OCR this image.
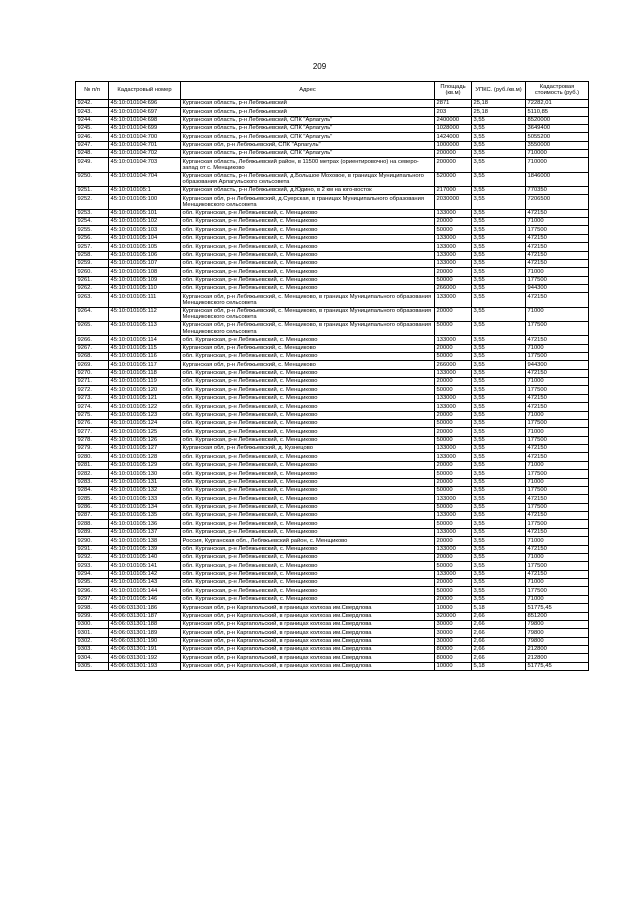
209
№ п/п	Кадастровый номер	Адрес	Площадь (кв.м)	УПКС. (руб./кв.м)	Кадастровая стоимость (руб.)
9242.	45:10:010104:696	Курганская область, р-н Лебяжьевский	2871	25,18	72282,01
9243.	45:10:010104:697	Курганская область, р-н Лебяжьевский	203	25,18	5110,85
9244.	45:10:010104:698	Курганская область, р-н Лебяжьевский, СПК "Арлагуль"	2400000	3,55	8520000
9245.	45:10:010104:699	Курганская область, р-н Лебяжьевский, СПК "Арлагуль"	1028000	3,55	3649400
9246.	45:10:010104:700	Курганская область, р-н Лебяжьевский, СПК "Арлагуль"	1424000	3,55	5055200
9247.	45:10:010104:701	Курганская обл, р-н Лебяжьевский, СПК "Арлагуль"	1000000	3,55	3550000
9248.	45:10:010104:702	Курганская область, р-н Лебяжьевский, СПК "Арлагуль"	200000	3,55	710000
9249.	45:10:010104:703	Курганская область, Лебяжьевский район, в 11500 метрах (ориентировочно) на северо-запад от с. Менщиково	200000	3,55	710000
9250.	45:10:010104:704	Курганская область, р-н Лебяжьевский, д.Большое Моховое, в границах Муниципального образования Арлагульского сельсовета	520000	3,55	1846000
9251.	45:10:010105:1	Курганская область, р-н Лебяжьевский, д.Юдино, в 2 км на юго-восток	217000	3,55	770350
9252.	45:10:010105:100	Курганская обл, р-н Лебяжьевский, д.Суерская, в границах Муниципального образования Менщиковского сельсовета	2030000	3,55	7206500
9253.	45:10:010105:101	обл. Курганская, р-н Лебяжьевский, с. Менщиково	133000	3,55	472150
9254.	45:10:010105:102	обл. Курганская, р-н Лебяжьевский, с. Менщиково	20000	3,55	71000
9255.	45:10:010105:103	обл. Курганская, р-н Лебяжьевский, с. Менщиково	50000	3,55	177500
9256.	45:10:010105:104	обл. Курганская, р-н Лебяжьевский, с. Менщиково	133000	3,55	472150
9257.	45:10:010105:105	обл. Курганская, р-н Лебяжьевский, с. Менщиково	133000	3,55	472150
9258.	45:10:010105:106	обл. Курганская, р-н Лебяжьевский, с. Менщиково	133000	3,55	472150
9259.	45:10:010105:107	обл. Курганская, р-н Лебяжьевский, с. Менщиково	133000	3,55	472150
9260.	45:10:010105:108	обл. Курганская, р-н Лебяжьевский, с. Менщиково	20000	3,55	71000
9261.	45:10:010105:109	обл. Курганская, р-н Лебяжьевский, с. Менщиково	50000	3,55	177500
9262.	45:10:010105:110	обл. Курганская, р-н Лебяжьевский, с. Менщиково	266000	3,55	944300
9263.	45:10:010105:111	Курганская обл, р-н Лебяжьевский, с. Менщиково, в границах Муниципального образования Менщиковского сельсовета	133000	3,55	472150
9264.	45:10:010105:112	Курганская обл, р-н Лебяжьевский, с. Менщиково, в границах Муниципального образования Менщиковского сельсовета	20000	3,55	71000
9265.	45:10:010105:113	Курганская обл, р-н Лебяжьевский, с. Менщиково, в границах Муниципального образования Менщиковского сельсовета	50000	3,55	177500
9266.	45:10:010105:114	обл. Курганская, р-н Лебяжьевский, с. Менщиково	133000	3,55	472150
9267.	45:10:010105:115	Курганская обл, р-н Лебяжьевский, с. Менщиково	20000	3,55	71000
9268.	45:10:010105:116	обл. Курганская, р-н Лебяжьевский, с. Менщиково	50000	3,55	177500
9269.	45:10:010105:117	Курганская обл, р-н Лебяжьевский, с. Менщиково	266000	3,55	944300
9270.	45:10:010105:118	обл. Курганская, р-н Лебяжьевский, с. Менщиково	133000	3,55	472150
9271.	45:10:010105:119	обл. Курганская, р-н Лебяжьевский, с. Менщиково	20000	3,55	71000
9272.	45:10:010105:120	обл. Курганская, р-н Лебяжьевский, с. Менщиково	50000	3,55	177500
9273.	45:10:010105:121	обл. Курганская, р-н Лебяжьевский, с. Менщиково	133000	3,55	472150
9274.	45:10:010105:122	обл. Курганская, р-н Лебяжьевский, с. Менщиково	133000	3,55	472150
9275.	45:10:010105:123	обл. Курганская, р-н Лебяжьевский, с. Менщиково	20000	3,55	71000
9276.	45:10:010105:124	обл. Курганская, р-н Лебяжьевский, с. Менщиково	50000	3,55	177500
9277.	45:10:010105:125	обл. Курганская, р-н Лебяжьевский, с. Менщиково	20000	3,55	71000
9278.	45:10:010105:126	обл. Курганская, р-н Лебяжьевский, с. Менщиково	50000	3,55	177500
9279.	45:10:010105:127	Курганская обл, р-н Лебяжьевский, д. Кузнецово	133000	3,55	472150
9280.	45:10:010105:128	обл. Курганская, р-н Лебяжьевский, с. Менщиково	133000	3,55	472150
9281.	45:10:010105:129	обл. Курганская, р-н Лебяжьевский, с. Менщиково	20000	3,55	71000
9282.	45:10:010105:130	обл. Курганская, р-н Лебяжьевский, с. Менщиково	50000	3,55	177500
9283.	45:10:010105:131	обл. Курганская, р-н Лебяжьевский, с. Менщиково	20000	3,55	71000
9284.	45:10:010105:132	обл. Курганская, р-н Лебяжьевский, с. Менщиково	50000	3,55	177500
9285.	45:10:010105:133	обл. Курганская, р-н Лебяжьевский, с. Менщиково	133000	3,55	472150
9286.	45:10:010105:134	обл. Курганская, р-н Лебяжьевский, с. Менщиково	50000	3,55	177500
9287.	45:10:010105:135	обл. Курганская, р-н Лебяжьевский, с. Менщиково	133000	3,55	472150
9288.	45:10:010105:136	обл. Курганская, р-н Лебяжьевский, с. Менщиково	50000	3,55	177500
9289.	45:10:010105:137	обл. Курганская, р-н Лебяжьевский, с. Менщиково	133000	3,55	472150
9290.	45:10:010105:138	Россия, Курганская обл., Лебяжьевский район, с. Менщиково	20000	3,55	71000
9291.	45:10:010105:139	обл. Курганская, р-н Лебяжьевский, с. Менщиково	133000	3,55	472150
9292.	45:10:010105:140	обл. Курганская, р-н Лебяжьевский, с. Менщиково	20000	3,55	71000
9293.	45:10:010105:141	обл. Курганская, р-н Лебяжьевский, с. Менщиково	50000	3,55	177500
9294.	45:10:010105:142	обл. Курганская, р-н Лебяжьевский, с. Менщиково	133000	3,55	472150
9295.	45:10:010105:143	обл. Курганская, р-н Лебяжьевский, с. Менщиково	20000	3,55	71000
9296.	45:10:010105:144	обл. Курганская, р-н Лебяжьевский, с. Менщиково	50000	3,55	177500
9297.	45:10:010105:146	обл. Курганская, р-н Лебяжьевский, с. Менщиково	20000	3,55	71000
9298.	45:06:031301:186	Курганская обл, р-н Каргапольский, в границах колхоза им.Свердлова	10000	5,18	51775,45
9299.	45:06:031301:187	Курганская обл, р-н Каргапольский, в границах колхоза им.Свердлова	320000	2,66	851200
9300.	45:06:031301:188	Курганская обл, р-н Каргапольский, в границах колхоза им.Свердлова	30000	2,66	79800
9301.	45:06:031301:189	Курганская обл, р-н Каргапольский, в границах колхоза им.Свердлова	30000	2,66	79800
9302.	45:06:031301:190	Курганская обл, р-н Каргапольский, в границах колхоза им.Свердлова	30000	2,66	79800
9303.	45:06:031301:191	Курганская обл, р-н Каргапольский, в границах колхоза им.Свердлова	80000	2,66	212800
9304.	45:06:031301:192	Курганская обл, р-н Каргапольский, в границах колхоза им.Свердлова	80000	2,66	212800
9305.	45:06:031301:193	Курганская обл, р-н Каргапольский, в границах колхоза им.Свердлова	10000	5,18	51775,45
